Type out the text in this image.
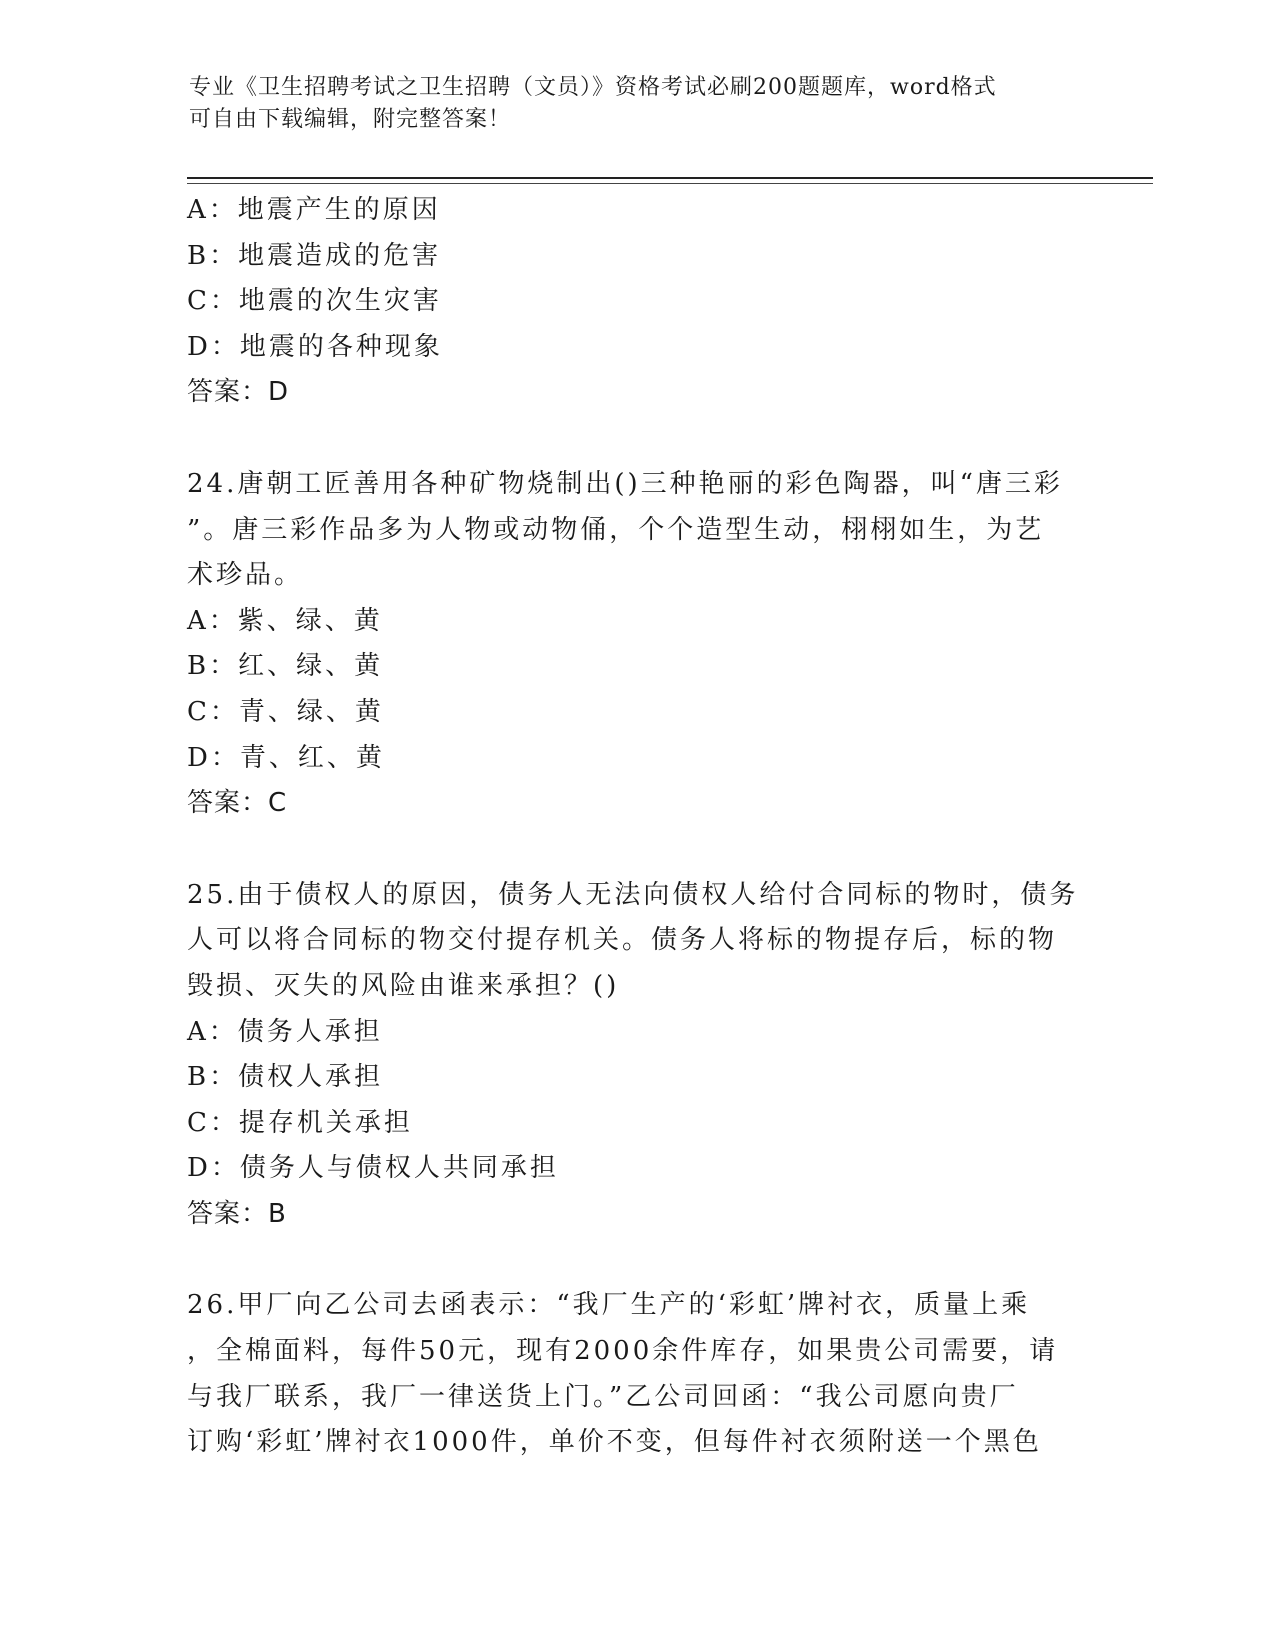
专业《卫生招聘考试之卫生招聘（文员）》资格考试必刷200题题库，word格式

可自由下载编辑，附完整答案！

A：地震产生的原因
B：地震造成的危害
C：地震的次生灾害
D：地震的各种现象
答案：D
24.唐朝工匠善用各种矿物烧制出()三种艳丽的彩色陶器，叫“唐三彩
”。唐三彩作品多为人物或动物俑，个个造型生动，栩栩如生，为艺
术珍品。
A：紫、绿、黄
B：红、绿、黄
C：青、绿、黄
D：青、红、黄
答案：C
25.由于债权人的原因，债务人无法向债权人给付合同标的物时，债务
人可以将合同标的物交付提存机关。债务人将标的物提存后，标的物
毁损、灭失的风险由谁来承担？()
A：债务人承担
B：债权人承担
C：提存机关承担
D：债务人与债权人共同承担
答案：B
26.甲厂向乙公司去函表示：“我厂生产的‘彩虹’牌衬衣，质量上乘
，全棉面料，每件50元，现有2000余件库存，如果贵公司需要，请
与我厂联系，我厂一律送货上门。”乙公司回函：“我公司愿向贵厂
订购‘彩虹’牌衬衣1000件，单价不变，但每件衬衣须附送一个黑色
